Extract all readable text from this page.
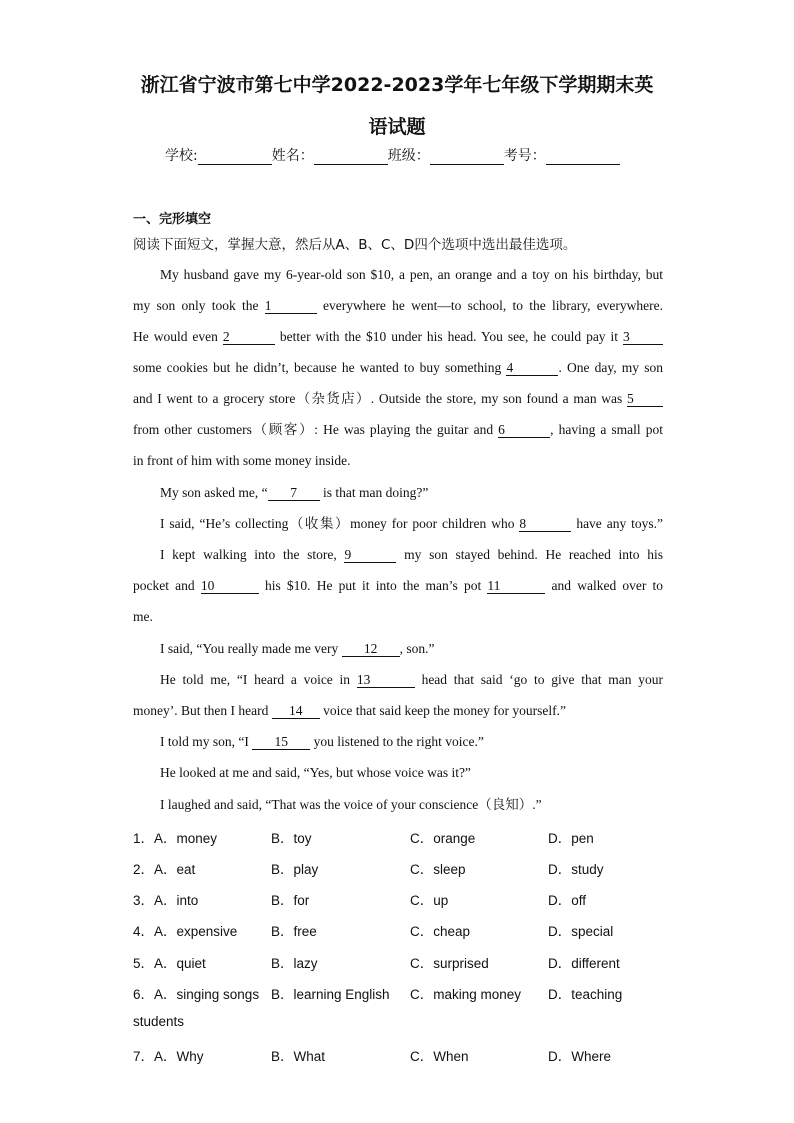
浙江省宁波市第七中学2022-2023学年七年级下学期期末英
语试题
学校:	姓名：	班级：	考号：
一、完形填空
阅读下面短文，掌握大意，然后从A、B、C、D四个选项中选出最佳选项。
My husband gave my 6-year-old son $10, a pen, an orange and a toy on his birthday, but
my son only took the 1	everywhere he went—to school, to the library, everywhere.
He would even 2	better with the $10 under his head. You see, he could pay it 3
some cookies but he didn’t, because he wanted to buy something 4	. One day, my son
and I went to a grocery store（杂货店）. Outside the store, my son found a man was 5
from other customers（顾客）: He was playing the guitar and 6	, having a small pot
in front of him with some money inside.
My son asked me, “ 7 is that man doing?”
I said, “He’s collecting（收集）money for poor children who 8	have any toys.”
I kept walking into the store, 9	my son stayed behind. He reached into his
pocket and 10	his $10. He put it into the man’s pot 11	and walked over to
me.
I said, “You really made me very 12 , son.”
He told me, “I heard a voice in 13	head that said ‘go to give that man your
money’. But then I heard 14 voice that said keep the money for yourself.”
I told my son, “I 15 you listened to the right voice.”
He looked at me and said, “Yes, but whose voice was it?”
I laughed and said, “That was the voice of your conscience（良知）.”
1．A．money	B．toy	C．orange	D．pen
2．A．eat	B．play	C．sleep	D．study
3．A．into	B．for	C．up	D．off
4．A．expensive B．free	C．cheap	D．special
5．A．quiet	B．lazy	C．surprised	D．different
6．A．singing songs B．learning English C．making money D．teaching
students
7．A．Why	B．What	C．When	D．Where
